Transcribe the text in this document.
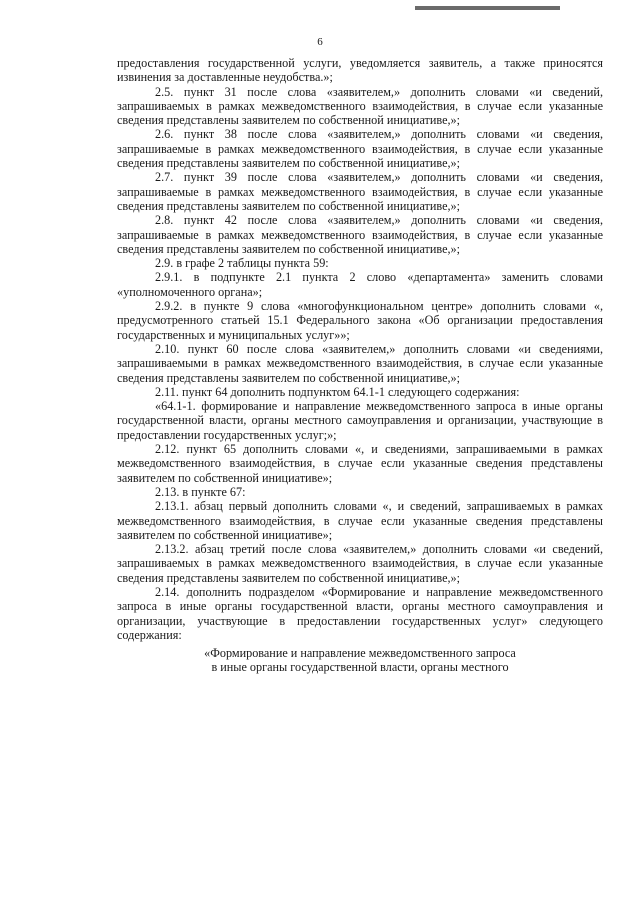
6

предоставления государственной услуги, уведомляется заявитель, а также приносятся извинения за доставленные неудобства.»;

2.5. пункт 31 после слова «заявителем,» дополнить словами «и сведений, запрашиваемых в рамках межведомственного взаимодействия, в случае если указанные сведения представлены заявителем по собственной инициативе,»;

2.6. пункт 38 после слова «заявителем,» дополнить словами «и сведения, запрашиваемые в рамках межведомственного взаимодействия, в случае если указанные сведения представлены заявителем по собственной инициативе,»;

2.7. пункт 39 после слова «заявителем,» дополнить словами «и сведения, запрашиваемые в рамках межведомственного взаимодействия, в случае если указанные сведения представлены заявителем по собственной инициативе,»;

2.8. пункт 42 после слова «заявителем,» дополнить словами «и сведения, запрашиваемые в рамках межведомственного взаимодействия, в случае если указанные сведения представлены заявителем по собственной инициативе,»;

2.9. в графе 2 таблицы пункта 59:

2.9.1. в подпункте 2.1 пункта 2 слово «департамента» заменить словами «уполномоченного органа»;

2.9.2. в пункте 9 слова «многофункциональном центре» дополнить словами «, предусмотренного статьей 15.1 Федерального закона «Об организации предоставления государственных и муниципальных услуг»»;

2.10. пункт 60 после слова «заявителем,» дополнить словами «и сведениями, запрашиваемыми в рамках межведомственного взаимодействия, в случае если указанные сведения представлены заявителем по собственной инициативе,»;

2.11. пункт 64 дополнить подпунктом 64.1-1 следующего содержания:

«64.1-1. формирование и направление межведомственного запроса в иные органы государственной власти, органы местного самоуправления и организации, участвующие в предоставлении государственных услуг;»;

2.12. пункт 65 дополнить словами «, и сведениями, запрашиваемыми в рамках межведомственного взаимодействия, в случае если указанные сведения представлены заявителем по собственной инициативе»;

2.13. в пункте 67:

2.13.1. абзац первый дополнить словами «, и сведений, запрашиваемых в рамках межведомственного взаимодействия, в случае если указанные сведения представлены заявителем по собственной инициативе»;

2.13.2. абзац третий после слова «заявителем,» дополнить словами «и сведений, запрашиваемых в рамках межведомственного взаимодействия, в случае если указанные сведения представлены заявителем по собственной инициативе,»;

2.14. дополнить подразделом «Формирование и направление межведомственного запроса в иные органы государственной власти, органы местного самоуправления и организации, участвующие в предоставлении государственных услуг» следующего содержания:

«Формирование и направление межведомственного запроса

в иные органы государственной власти, органы местного
